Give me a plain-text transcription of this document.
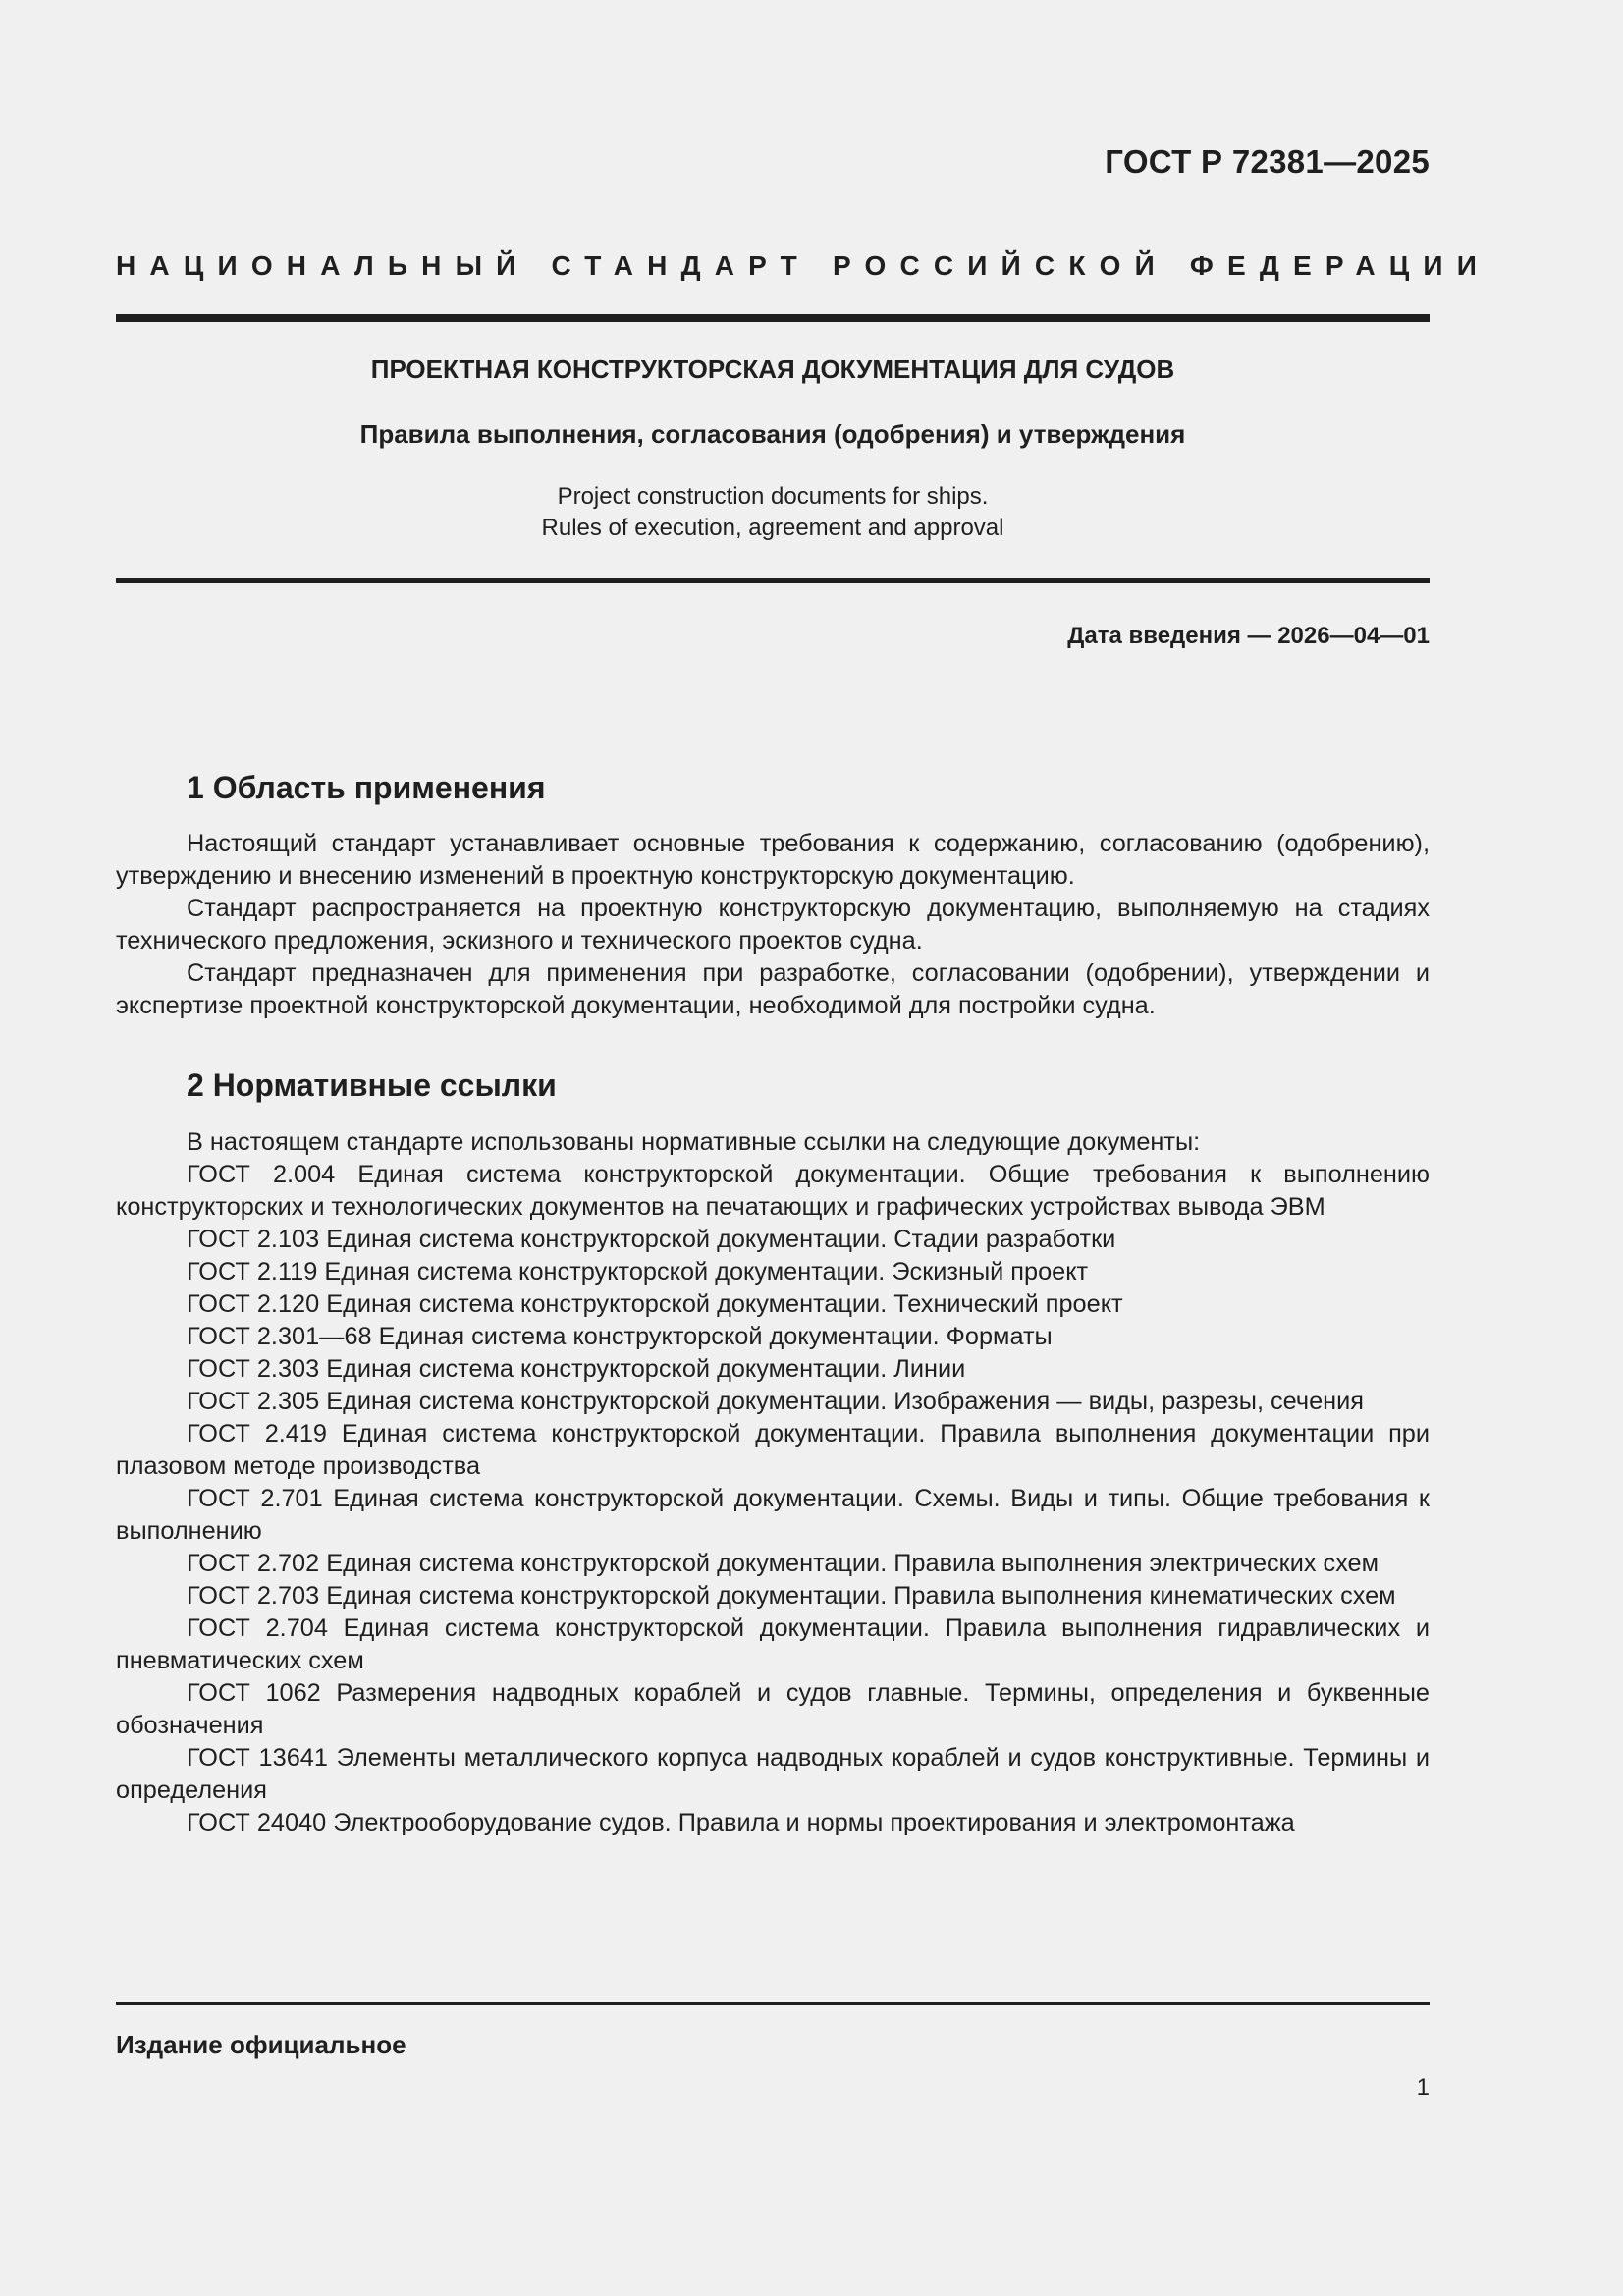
ГОСТ Р 72381—2025
НАЦИОНАЛЬНЫЙ СТАНДАРТ РОССИЙСКОЙ ФЕДЕРАЦИИ
ПРОЕКТНАЯ КОНСТРУКТОРСКАЯ ДОКУМЕНТАЦИЯ ДЛЯ СУДОВ
Правила выполнения, согласования (одобрения) и утверждения
Project construction documents for ships.
Rules of execution, agreement and approval
Дата введения — 2026—04—01
1 Область применения

Настоящий стандарт устанавливает основные требования к содержанию, согласованию (одобрению), утверждению и внесению изменений в проектную конструкторскую документацию.

Стандарт распространяется на проектную конструкторскую документацию, выполняемую на стадиях технического предложения, эскизного и технического проектов судна.

Стандарт предназначен для применения при разработке, согласовании (одобрении), утверждении и экспертизе проектной конструкторской документации, необходимой для постройки судна.

2 Нормативные ссылки

В настоящем стандарте использованы нормативные ссылки на следующие документы:

ГОСТ 2.004 Единая система конструкторской документации. Общие требования к выполнению конструкторских и технологических документов на печатающих и графических устройствах вывода ЭВМ

ГОСТ 2.103 Единая система конструкторской документации. Стадии разработки

ГОСТ 2.119 Единая система конструкторской документации. Эскизный проект

ГОСТ 2.120 Единая система конструкторской документации. Технический проект

ГОСТ 2.301—68 Единая система конструкторской документации. Форматы

ГОСТ 2.303 Единая система конструкторской документации. Линии

ГОСТ 2.305 Единая система конструкторской документации. Изображения — виды, разрезы, сечения

ГОСТ 2.419 Единая система конструкторской документации. Правила выполнения документации при плазовом методе производства

ГОСТ 2.701 Единая система конструкторской документации. Схемы. Виды и типы. Общие требования к выполнению

ГОСТ 2.702 Единая система конструкторской документации. Правила выполнения электрических схем

ГОСТ 2.703 Единая система конструкторской документации. Правила выполнения кинематических схем

ГОСТ 2.704 Единая система конструкторской документации. Правила выполнения гидравлических и пневматических схем

ГОСТ 1062 Размерения надводных кораблей и судов главные. Термины, определения и буквенные обозначения

ГОСТ 13641 Элементы металлического корпуса надводных кораблей и судов конструктивные. Термины и определения

ГОСТ 24040 Электрооборудование судов. Правила и нормы проектирования и электромонтажа

Издание официальное
1
